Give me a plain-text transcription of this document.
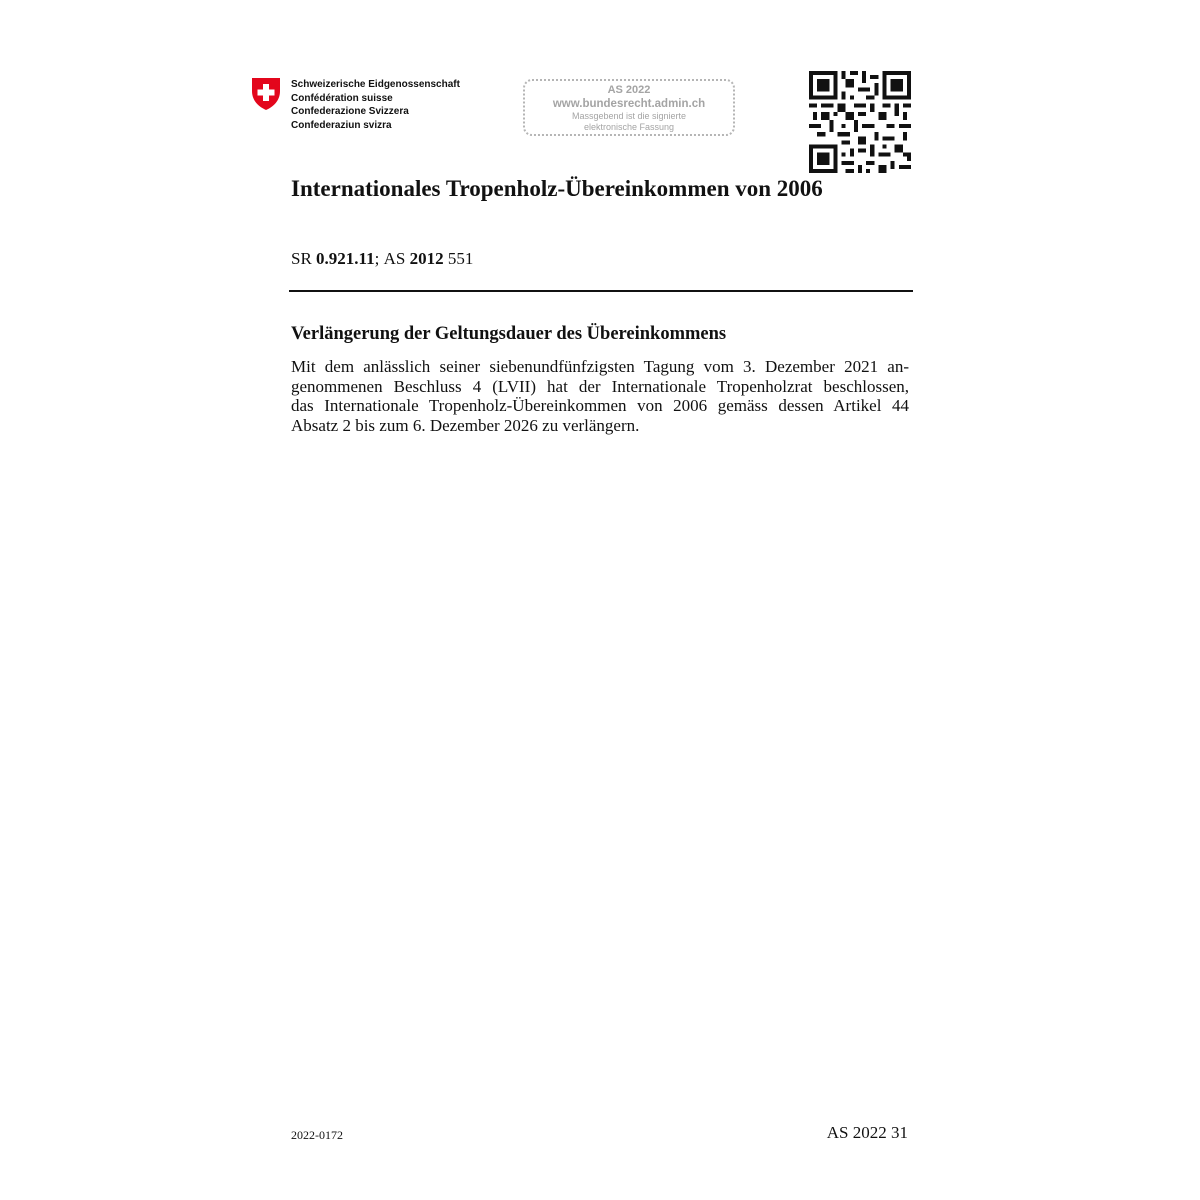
Schweizerische Eidgenossenschaft
Confédération suisse
Confederazione Svizzera
Confederaziun svizra
AS 2022
www.bundesrecht.admin.ch
Massgebend ist die signierte
elektronische Fassung
Internationales Tropenholz-Übereinkommen von 2006
SR 0.921.11; AS 2012 551
Verlängerung der Geltungsdauer des Übereinkommens
Mit dem anlässlich seiner siebenundfünfzigsten Tagung vom 3. Dezember 2021 an-
genommenen Beschluss 4 (LVII) hat der Internationale Tropenholzrat beschlossen,
das Internationale Tropenholz-Übereinkommen von 2006 gemäss dessen Artikel 44
Absatz 2 bis zum 6. Dezember 2026 zu verlängern.
2022-0172	AS 2022 31
